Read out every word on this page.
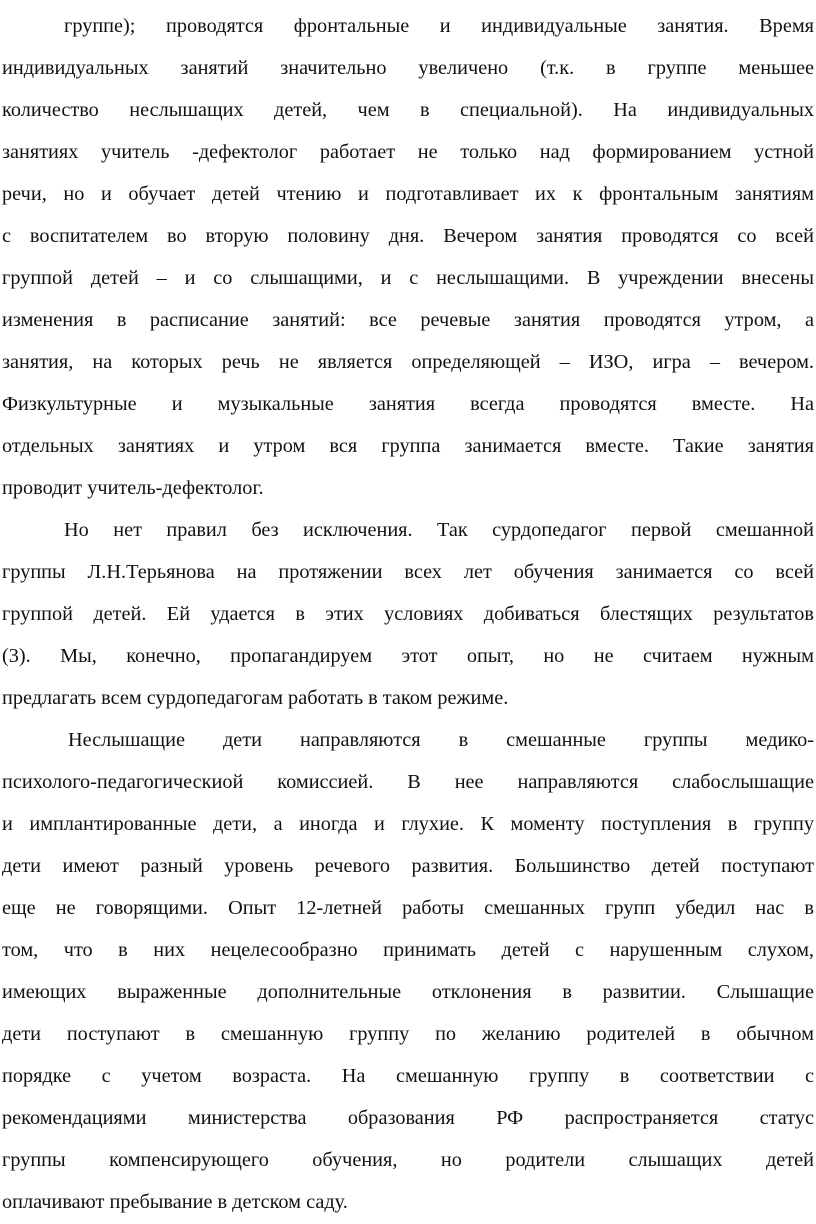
группе); проводятся фронтальные и индивидуальные занятия. Время
индивидуальных занятий значительно увеличено (т.к. в группе меньшее
количество неслышащих детей, чем в специальной). На индивидуальных
занятиях учитель -дефектолог работает не только над формированием устной
речи, но и обучает детей чтению и подготавливает их к фронтальным занятиям
с воспитателем во вторую половину дня. Вечером занятия проводятся со всей
группой детей – и со слышащими, и с неслышащими. В учреждении внесены
изменения в расписание занятий: все речевые занятия проводятся утром, а
занятия, на которых речь не является определяющей – ИЗО, игра – вечером.
Физкультурные и музыкальные занятия всегда проводятся вместе. На
отдельных занятиях и утром вся группа занимается вместе. Такие занятия
проводит учитель-дефектолог.
Но нет правил без исключения. Так сурдопедагог первой смешанной
группы Л.Н.Терьянова на протяжении всех лет обучения занимается со всей
группой детей. Ей удается в этих условиях добиваться блестящих результатов
(3). Мы, конечно, пропагандируем этот опыт, но не считаем нужным
предлагать всем сурдопедагогам работать в таком режиме.
Неслышащие дети направляются в смешанные группы медико-
психолого-педагогическиой комиссией. В нее направляются слабослышащие
и имплантированные дети, а иногда и глухие. К моменту поступления в группу
дети имеют разный уровень речевого развития. Большинство детей поступают
еще не говорящими. Опыт 12-летней работы смешанных групп убедил нас в
том, что в них нецелесообразно принимать детей с нарушенным слухом,
имеющих выраженные дополнительные отклонения в развитии. Слышащие
дети поступают в смешанную группу по желанию родителей в обычном
порядке с учетом возраста. На смешанную группу в соответствии с
рекомендациями министерства образования РФ распространяется статус
группы компенсирующего обучения, но родители слышащих детей
оплачивают пребывание в детском саду.
